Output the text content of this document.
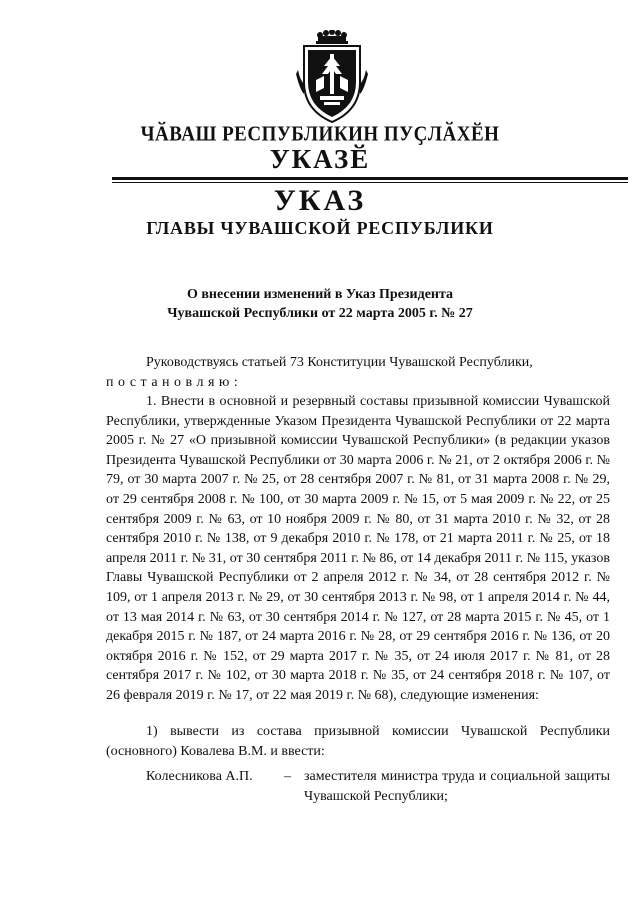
ЧӐВАШ РЕСПУБЛИКИН ПУҪЛӐХӖН
УКАЗӖ
УКАЗ
ГЛАВЫ ЧУВАШСКОЙ РЕСПУБЛИКИ
О внесении изменений в Указ Президента
Чувашской Республики от 22 марта 2005 г. № 27
Руководствуясь статьей 73 Конституции Чувашской Республики,
постановляю:
1. Внести в основной и резервный составы призывной комиссии Чувашской Республики, утвержденные Указом Президента Чувашской Республики от 22 марта 2005 г. № 27 «О призывной комиссии Чувашской Республики» (в редакции указов Президента Чувашской Республики от 30 марта 2006 г. № 21, от 2 октября 2006 г. № 79, от 30 марта 2007 г. № 25, от 28 сентября 2007 г. № 81, от 31 марта 2008 г. № 29, от 29 сентября 2008 г. № 100, от 30 марта 2009 г. № 15, от 5 мая 2009 г. № 22, от 25 сентября 2009 г. № 63, от 10 ноября 2009 г. № 80, от 31 марта 2010 г. № 32, от 28 сентября 2010 г. № 138, от 9 декабря 2010 г. № 178, от 21 марта 2011 г. № 25, от 18 апреля 2011 г. № 31, от 30 сентября 2011 г. № 86, от 14 декабря 2011 г. № 115, указов Главы Чувашской Республики от 2 апреля 2012 г. № 34, от 28 сентября 2012 г. № 109, от 1 апреля 2013 г. № 29, от 30 сентября 2013 г. № 98, от 1 апреля 2014 г. № 44, от 13 мая 2014 г. № 63, от 30 сентября 2014 г. № 127, от 28 марта 2015 г. № 45, от 1 декабря 2015 г. № 187, от 24 марта 2016 г. № 28, от 29 сентября 2016 г. № 136, от 20 октября 2016 г. № 152, от 29 марта 2017 г. № 35, от 24 июля 2017 г. № 81, от 28 сентября 2017 г. № 102, от 30 марта 2018 г. № 35, от 24 сентября 2018 г. № 107, от 26 февраля 2019 г. № 17, от 22 мая 2019 г. № 68), следующие изменения:
1) вывести из состава призывной комиссии Чувашской Республики (основного) Ковалева В.М. и ввести:
Колесникова А.П. – заместителя министра труда и социальной защиты Чувашской Республики;
